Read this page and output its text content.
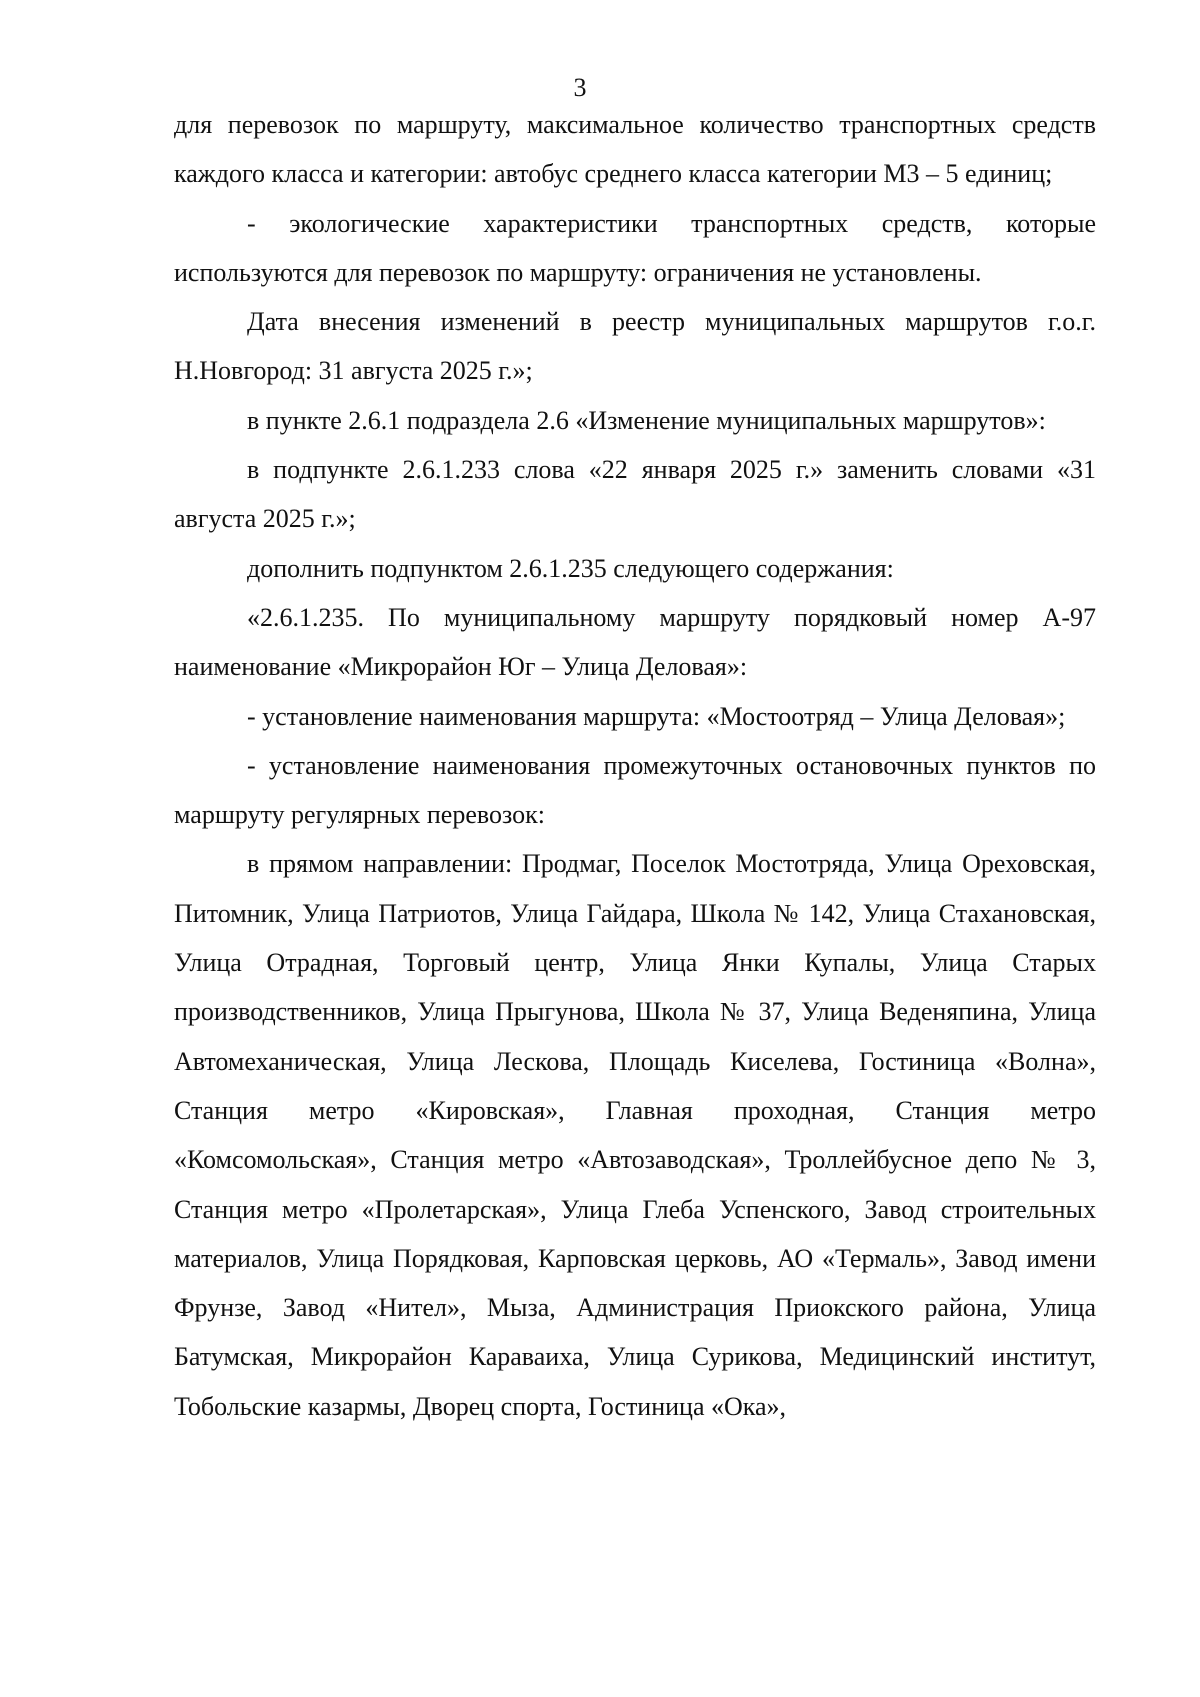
3

для перевозок по маршруту, максимальное количество транспортных средств каждого класса и категории: автобус среднего класса категории М3 – 5 единиц;

- экологические характеристики транспортных средств, которые используются для перевозок по маршруту: ограничения не установлены.

Дата внесения изменений в реестр муниципальных маршрутов г.о.г. Н.Новгород: 31 августа 2025 г.»;

в пункте 2.6.1 подраздела 2.6 «Изменение муниципальных маршрутов»:

в подпункте 2.6.1.233 слова «22 января 2025 г.» заменить словами «31 августа 2025 г.»;

дополнить подпунктом 2.6.1.235 следующего содержания:

«2.6.1.235. По муниципальному маршруту порядковый номер А-97 наименование «Микрорайон Юг – Улица Деловая»:

- установление наименования маршрута: «Мостоотряд – Улица Деловая»;

- установление наименования промежуточных остановочных пунктов по маршруту регулярных перевозок:

в прямом направлении: Продмаг, Поселок Мостотряда, Улица Ореховская, Питомник, Улица Патриотов, Улица Гайдара, Школа № 142, Улица Стахановская, Улица Отрадная, Торговый центр, Улица Янки Купалы, Улица Старых производственников, Улица Прыгунова, Школа № 37, Улица Веденяпина, Улица Автомеханическая, Улица Лескова, Площадь Киселева, Гостиница «Волна», Станция метро «Кировская», Главная проходная, Станция метро «Комсомольская», Станция метро «Автозаводская», Троллейбусное депо № 3, Станция метро «Пролетарская», Улица Глеба Успенского, Завод строительных материалов, Улица Порядковая, Карповская церковь, АО «Термаль», Завод имени Фрунзе, Завод «Нител», Мыза, Администрация Приокского района, Улица Батумская, Микрорайон Караваиха, Улица Сурикова, Медицинский институт, Тобольские казармы, Дворец спорта, Гостиница «Ока»,
